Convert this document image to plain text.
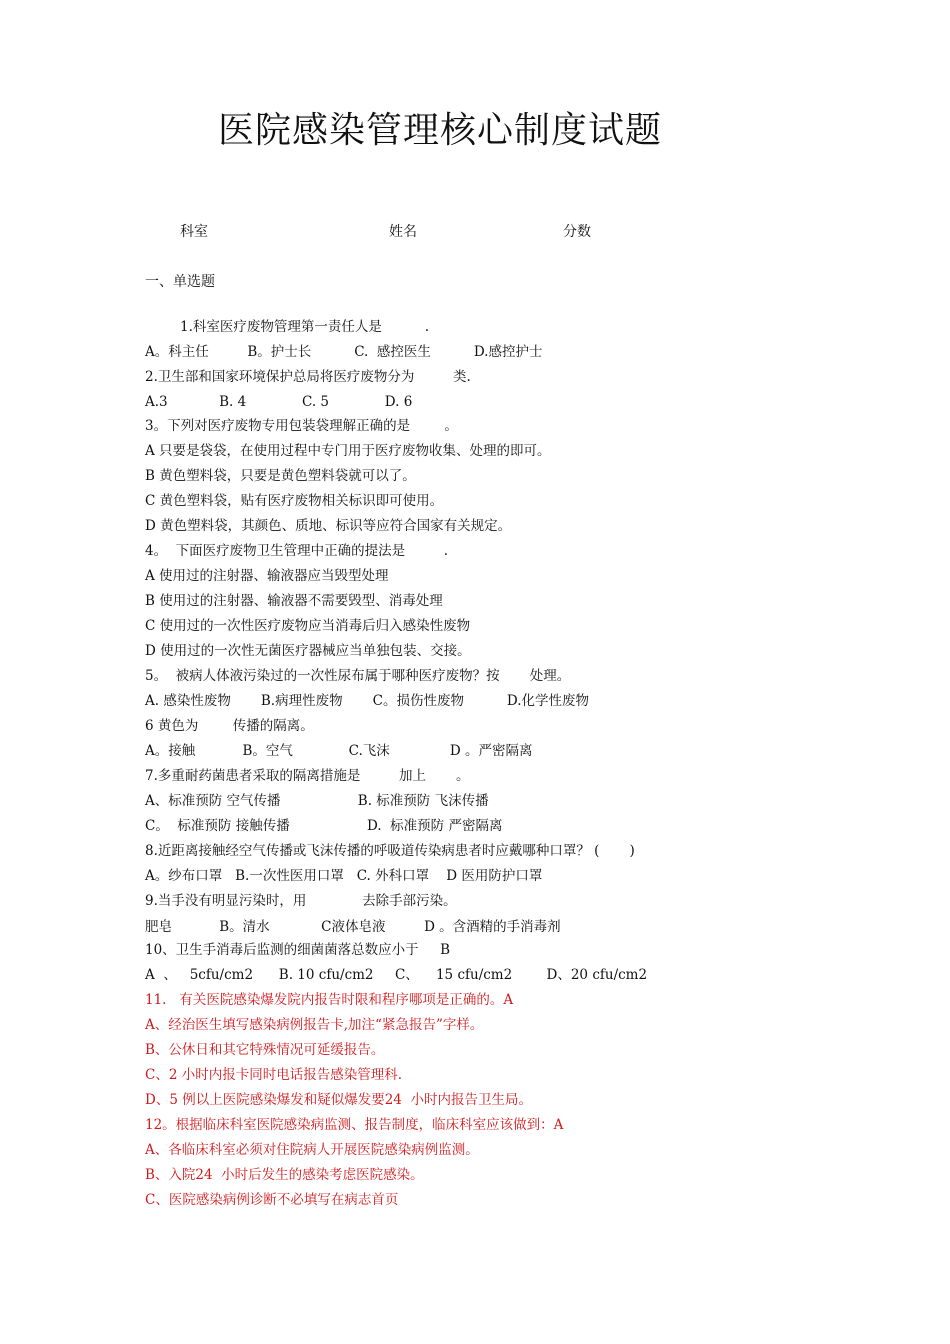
医院感染管理核心制度试题
科室	姓名	分数
一、单选题
1.科室医疗废物管理第一责任人是          .
A。科主任         B。护士长          C.  感控医生          D.感控护士
2.卫生部和国家环境保护总局将医疗废物分为         类.
A.3            B. 4             C. 5             D. 6
3。下列对医疗废物专用包装袋理解正确的是        。
A 只要是袋袋，在使用过程中专门用于医疗废物收集、处理的即可。
B 黄色塑料袋，只要是黄色塑料袋就可以了。
C 黄色塑料袋，贴有医疗废物相关标识即可使用。
D 黄色塑料袋，其颜色、质地、标识等应符合国家有关规定。
4。  下面医疗废物卫生管理中正确的提法是         .
A 使用过的注射器、输液器应当毁型处理
B 使用过的注射器、输液器不需要毁型、消毒处理
C 使用过的一次性医疗废物应当消毒后归入感染性废物
D 使用过的一次性无菌医疗器械应当单独包装、交接。
5。  被病人体液污染过的一次性尿布属于哪种医疗废物？按       处理。
A. 感染性废物       B.病理性废物       C。损伤性废物          D.化学性废物
6 黄色为        传播的隔离。
A。接触           B。空气             C.飞沫              D 。严密隔离
7.多重耐药菌患者采取的隔离措施是         加上       。
A、标准预防 空气传播                  B. 标准预防 飞沫传播
C。  标准预防 接触传播                  D.  标准预防 严密隔离
8.近距离接触经空气传播或飞沫传播的呼吸道传染病患者时应戴哪种口罩？ (       )
A。纱布口罩   B.一次性医用口罩   C. 外科口罩    D 医用防护口罩
9.当手没有明显污染时，用             去除手部污染。
肥皂           B。清水            C液体皂液         D 。含酒精的手消毒剂
10、卫生手消毒后监测的细菌菌落总数应小于     B
A  、   5cfu/cm2      B. 10 cfu/cm2     C、    15 cfu/cm2        D、20 cfu/cm2
11.   有关医院感染爆发院内报告时限和程序哪项是正确的。A
A、经治医生填写感染病例报告卡,加注“紧急报告”字样。
B、公休日和其它特殊情况可延缓报告。
C、2 小时内报卡同时电话报告感染管理科.
D、5 例以上医院感染爆发和疑似爆发要24  小时内报告卫生局。
12。根据临床科室医院感染病监测、报告制度，临床科室应该做到：A
A、各临床科室必须对住院病人开展医院感染病例监测。
B、入院24  小时后发生的感染考虑医院感染。
C、医院感染病例诊断不必填写在病志首页
